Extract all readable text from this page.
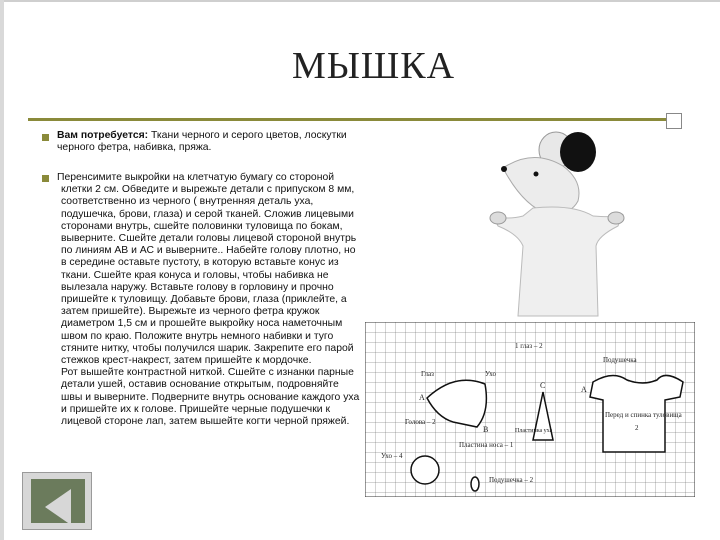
МЫШКА
Вам потребуется: Ткани черного и серого цветов, лоскутки черного фетра, набивка, пряжа.
Перенсимите выкройки на клетчатую бумагу со стороной клетки 2 см. Обведите и вырежьте детали с припуском 8 мм, соответственно из черного ( внутренняя деталь уха, подушечка, брови, глаза) и серой тканей. Сложив лицевыми сторонами внутрь, сшейте половинки туловища по бокам, выверните. Сшейте детали головы лицевой стороной внутрь по линиям АВ и АС и выверните.. Набейте голову плотно, но в середине оставьте пустоту, в которую вставьте конус из ткани. Сшейте края конуса и головы, чтобы набивка не вылезала наружу. Вставьте голову в горловину и прочно пришейте к туловищу. Добавьте брови, глаза (приклейте, а затем пришейте). Вырежьте из черного фетра кружок диаметром 1,5 см и прошейте выкройку носа наметочным швом по краю. Положите внутрь немного набивки и туго стяните нитку, чтобы получился шарик. Закрепите его парой стежков крест-накрест, затем пришейте к мордочке.
Рот вышейте контрастной ниткой. Сшейте с изнанки парные детали ушей, оставив основание открытым, подровняйте швы и выверните. Подверните внутрь основание каждого уха и пришейте их к голове. Пришейте черные подушечки к лицевой стороне лап, затем вышейте когти черной пряжей.
А
Глаз	Ухо
Голова – 2
С
В
Пластина носа – 1
Подушечка
Перед и спинка туловища
2
А
1 глаз – 2
Ухо – 4
Подушечка – 2
Пластинка уха
